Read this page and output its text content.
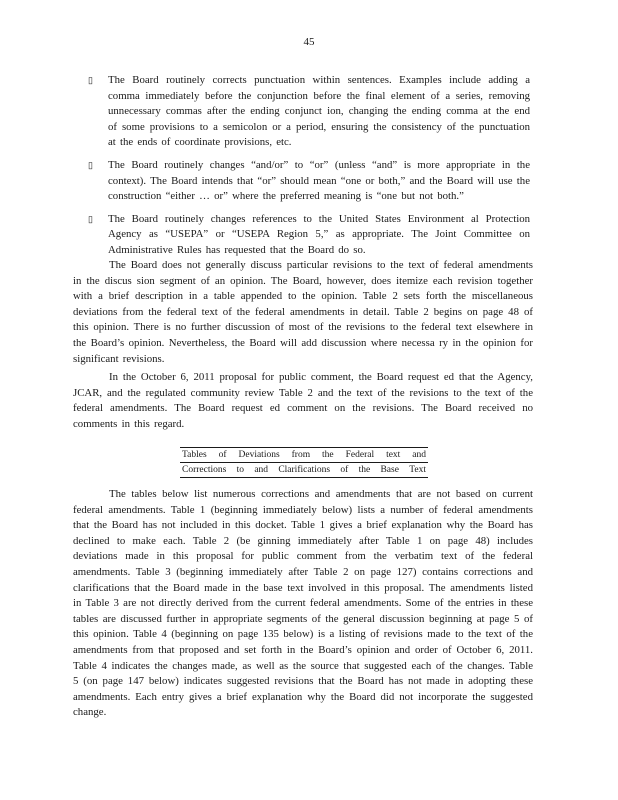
45
▯	The Board routinely corrects punctuation within sentences. Examples include adding a comma immediately before the conjunction before the final element of a series, removing unnecessary commas after the ending conjunct ion, changing the ending comma at the end of some provisions to a semicolon or a period, ensuring the consistency of the punctuation at the ends of coordinate provisions, etc.
▯	The Board routinely changes “and/or” to “or” (unless “and” is more appropriate in the context). The Board intends that “or” should mean “one or both,” and the Board will use the construction “either … or” where the preferred meaning is “one but not both.”
▯	The Board routinely changes references to the United States Environment al Protection Agency as “USEPA” or “USEPA Region 5,” as appropriate. The Joint Committee on Administrative Rules has requested that the Board do so.

The Board does not generally discuss particular revisions to the text of federal amendments in the discus sion segment of an opinion. The Board, however, does itemize each revision together with a brief description in a table appended to the opinion. Table 2 sets forth the miscellaneous deviations from the federal text of the federal amendments in detail. Table 2 begins on page 48 of this opinion. There is no further discussion of most of the revisions to the federal text elsewhere in the Board’s opinion. Nevertheless, the Board will add discussion where necessa ry in the opinion for significant revisions.

In the October 6, 2011 proposal for public comment, the Board request ed that the Agency, JCAR, and the regulated community review Table 2 and the text of the revisions to the text of the federal amendments. The Board request ed comment on the revisions. The Board received no comments in this regard.

Tables of Deviations from the Federal text and
Corrections to and Clarifications of the Base Text

The tables below list numerous corrections and amendments that are not based on current federal amendments. Table 1 (beginning immediately below) lists a number of federal amendments that the Board has not included in this docket. Table 1 gives a brief explanation why the Board has declined to make each. Table 2 (be ginning immediately after Table 1 on page 48) includes deviations made in this proposal for public comment from the verbatim text of the federal amendments. Table 3 (beginning immediately after Table 2 on page 127) contains corrections and clarifications that the Board made in the base text involved in this proposal. The amendments listed in Table 3 are not directly derived from the current federal amendments. Some of the entries in these tables are discussed further in appropriate segments of the general discussion beginning at page 5 of this opinion. Table 4 (beginning on page 135 below) is a listing of revisions made to the text of the amendments from that proposed and set forth in the Board’s opinion and order of October 6, 2011. Table 4 indicates the changes made, as well as the source that suggested each of the changes. Table 5 (on page 147 below) indicates suggested revisions that the Board has not made in adopting these amendments. Each entry gives a brief explanation why the Board did not incorporate the suggested change.
